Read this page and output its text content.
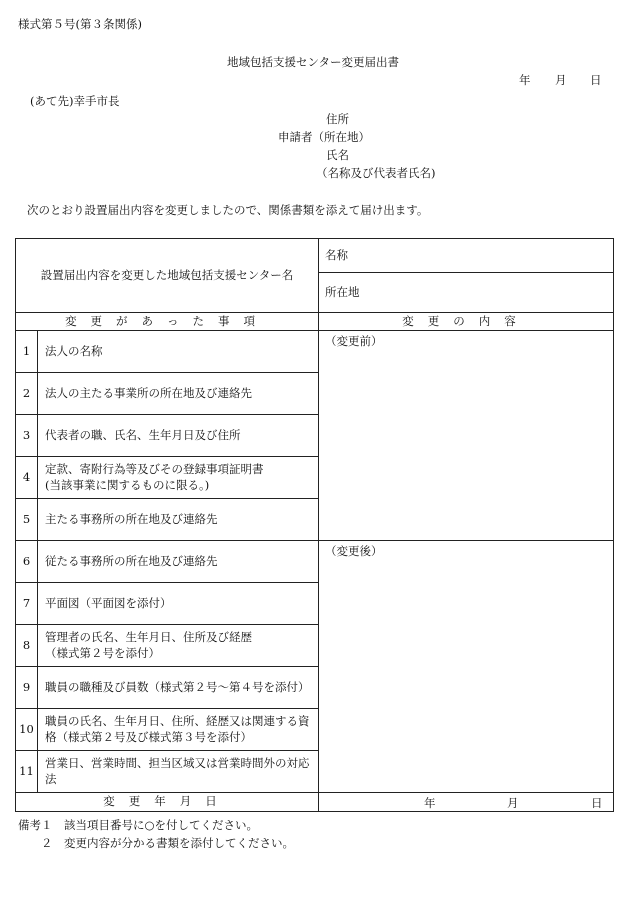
様式第５号(第３条関係)
地域包括支援センター変更届出書
年 月 日
(あて先)幸手市長
住所
申請者（所在地）
氏名
（名称及び代表者氏名)
次のとおり設置届出内容を変更しましたので、関係書類を添えて届け出ます。
設置届出内容を変更した地域包括支援センター名		名称
		所在地
変更があった事項		変更の内容
1	法人の名称	（変更前）
2	法人の主たる事業所の所在地及び連絡先	
3	代表者の職、氏名、生年月日及び住所	
4	定款、寄附行為等及びその登録事項証明書
(当該事業に関するものに限る。)	
5	主たる事務所の所在地及び連絡先	
6	従たる事務所の所在地及び連絡先	（変更後）
7	平面図（平面図を添付）	
8	管理者の氏名、生年月日、住所及び経歴
（様式第２号を添付）	
9	職員の職種及び員数（様式第２号～第４号を添付）	
10	職員の氏名、生年月日、住所、経歴又は関連する資格（様式第２号及び様式第３号を添付）	
11	営業日、営業時間、担当区域又は営業時間外の対応法	
変更年月日		年 月 日
備考１　該当項目番号に○を付してください。
　　２　変更内容が分かる書類を添付してください。
